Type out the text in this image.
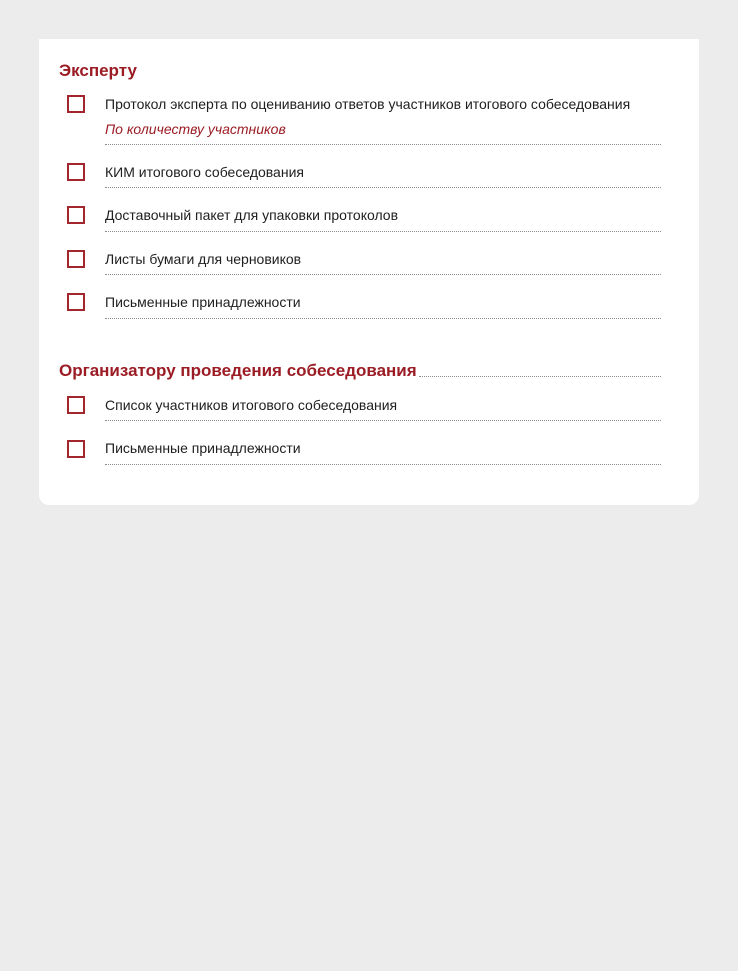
Эксперту
Протокол эксперта по оцениванию ответов участников итогового собеседования
По количеству участников
КИМ итогового собеседования
Доставочный пакет для упаковки протоколов
Листы бумаги для черновиков
Письменные принадлежности
Организатору проведения собеседования
Список участников итогового собеседования
Письменные принадлежности
